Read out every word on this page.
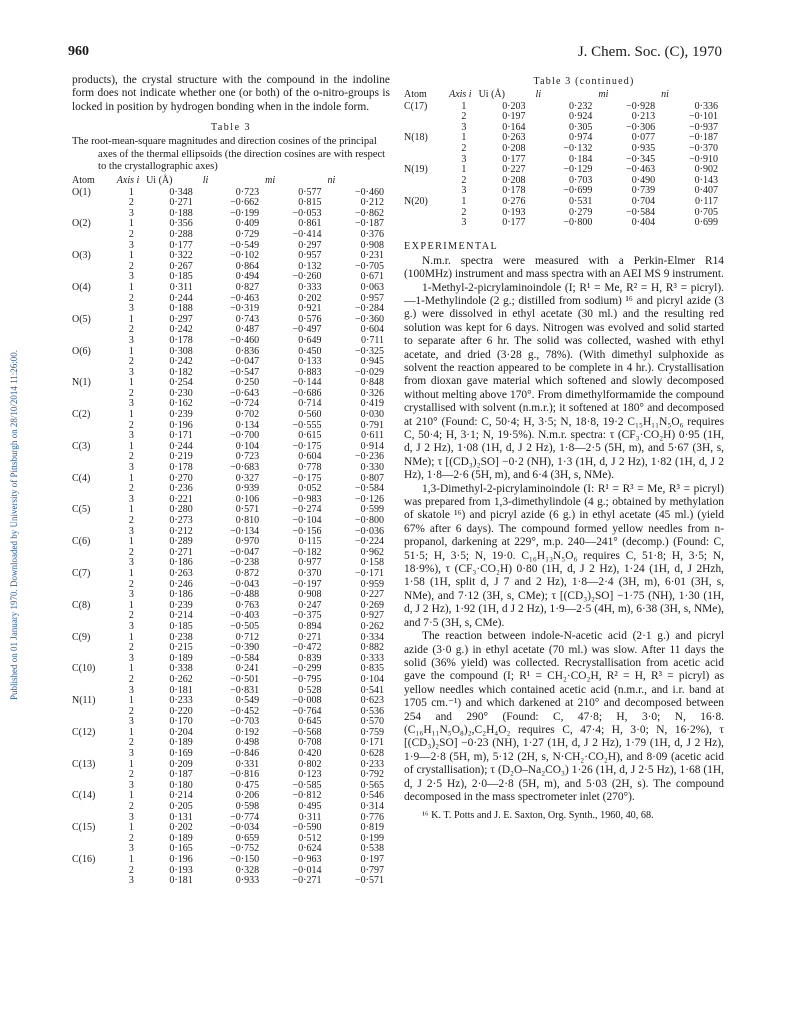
Published on 01 January 1970. Downloaded by University of Pittsburgh on 28/10/2014 11:26:00.
960	J. Chem. Soc. (C), 1970

products), the crystal structure with the compound in the indoline form does not indicate whether one (or both) of the o-nitro-groups is locked in position by hydrogen bonding when in the indole form.

Table 3
The root-mean-square magnitudes and direction cosines of the principal axes of the thermal ellipsoids (the direction cosines are with respect to the crystallographic axes)
Atom	Axis i	Ui (Å)	li	mi	ni
O(1)	1	0·348	0·723	0·577	−0·460
	2	0·271	−0·662	0·815	0·212
	3	0·188	−0·199	−0·053	−0·862
O(2)	1	0·356	0·409	0·861	−0·187
	2	0·288	0·729	−0·414	0·376
	3	0·177	−0·549	0·297	0·908
O(3)	1	0·322	−0·102	0·957	0·231
	2	0·267	0·864	0·132	−0·705
	3	0·185	0·494	−0·260	0·671
O(4)	1	0·311	0·827	0·333	0·063
	2	0·244	−0·463	0·202	0·957
	3	0·188	−0·319	0·921	−0·284
O(5)	1	0·297	0·743	0·576	−0·360
	2	0·242	0·487	−0·497	0·604
	3	0·178	−0·460	0·649	0·711
O(6)	1	0·308	0·836	0·450	−0·325
	2	0·242	−0·047	0·133	0·945
	3	0·182	−0·547	0·883	−0·029
N(1)	1	0·254	0·250	−0·144	0·848
	2	0·230	−0·643	−0·686	0·326
	3	0·162	−0·724	0·714	0·419
C(2)	1	0·239	0·702	0·560	0·030
	2	0·196	0·134	−0·555	0·791
	3	0·171	−0·700	0·615	0·611
C(3)	1	0·244	0·104	−0·175	0·914
	2	0·219	0·723	0·604	−0·236
	3	0·178	−0·683	0·778	0·330
C(4)	1	0·270	0·327	−0·175	0·807
	2	0·236	0·939	0·052	−0·584
	3	0·221	0·106	−0·983	−0·126
C(5)	1	0·280	0·571	−0·274	0·599
	2	0·273	0·810	−0·104	−0·800
	3	0·212	−0·134	−0·156	−0·036
C(6)	1	0·289	0·970	0·115	−0·224
	2	0·271	−0·047	−0·182	0·962
	3	0·186	−0·238	0·977	0·158
C(7)	1	0·263	0·872	0·370	−0·171
	2	0·246	−0·043	−0·197	0·959
	3	0·186	−0·488	0·908	0·227
C(8)	1	0·239	0·763	0·247	0·269
	2	0·214	−0·403	−0·375	0·927
	3	0·185	−0·505	0·894	0·262
C(9)	1	0·238	0·712	0·271	0·334
	2	0·215	−0·390	−0·472	0·882
	3	0·189	−0·584	0·839	0·333
C(10)	1	0·338	0·241	−0·299	0·835
	2	0·262	−0·501	−0·795	0·104
	3	0·181	−0·831	0·528	0·541
N(11)	1	0·233	0·549	−0·008	0·623
	2	0·220	−0·452	−0·764	0·536
	3	0·170	−0·703	0·645	0·570
C(12)	1	0·204	0·192	−0·568	0·759
	2	0·189	0·498	0·708	0·171
	3	0·169	−0·846	0·420	0·628
C(13)	1	0·209	0·331	0·802	0·233
	2	0·187	−0·816	0·123	0·792
	3	0·180	0·475	−0·585	0·565
C(14)	1	0·214	0·206	−0·812	0·546
	2	0·205	0·598	0·495	0·314
	3	0·131	−0·774	0·311	0·776
C(15)	1	0·202	−0·034	−0·590	0·819
	2	0·189	0·659	0·512	0·199
	3	0·165	−0·752	0·624	0·538
C(16)	1	0·196	−0·150	−0·963	0·197
	2	0·193	0·328	−0·014	0·797
	3	0·181	0·933	−0·271	−0·571
Table 3 (continued)
Atom	Axis i	Ui (Å)	li	mi	ni
C(17)	1	0·203	0·232	−0·928	0·336
	2	0·197	0·924	0·213	−0·101
	3	0·164	0·305	−0·306	−0·937
N(18)	1	0·263	0·974	0·077	−0·187
	2	0·208	−0·132	0·935	−0·370
	3	0·177	0·184	−0·345	−0·910
N(19)	1	0·227	−0·129	−0·463	0·902
	2	0·208	0·703	0·490	0·143
	3	0·178	−0·699	0·739	0·407
N(20)	1	0·276	0·531	0·704	0·117
	2	0·193	0·279	−0·584	0·705
	3	0·177	−0·800	0·404	0·699
EXPERIMENTAL

N.m.r. spectra were measured with a Perkin-Elmer R14 (100MHz) instrument and mass spectra with an AEI MS 9 instrument.

1-Methyl-2-picrylaminoindole (I; R¹ = Me, R² = H, R³ = picryl).—1-Methylindole (2 g.; distilled from sodium) ¹⁶ and picryl azide (3 g.) were dissolved in ethyl acetate (30 ml.) and the resulting red solution was kept for 6 days. Nitrogen was evolved and solid started to separate after 6 hr. The solid was collected, washed with ethyl acetate, and dried (3·28 g., 78%). (With dimethyl sulphoxide as solvent the reaction appeared to be complete in 4 hr.). Crystallisation from dioxan gave material which softened and slowly decomposed without melting above 170°. From dimethylformamide the compound crystallised with solvent (n.m.r.); it softened at 180° and decomposed at 210° (Found: C, 50·4; H, 3·5; N, 18·8, 19·2 C₁₅H₁₁N₅O₆ requires C, 50·4; H, 3·1; N, 19·5%). N.m.r. spectra: τ (CF₃·CO₂H) 0·95 (1H, d, J 2 Hz), 1·08 (1H, d, J 2 Hz), 1·8—2·5 (5H, m), and 5·67 (3H, s, NMe); τ [(CD₃)₂SO] −0·2 (NH), 1·3 (1H, d, J 2 Hz), 1·82 (1H, d, J 2 Hz), 1·8—2·6 (5H, m), and 6·4 (3H, s, NMe).

1,3-Dimethyl-2-picrylaminoindole (I: R¹ = R³ = Me, R³ = picryl) was prepared from 1,3-dimethylindole (4 g.; obtained by methylation of skatole ¹⁶) and picryl azide (6 g.) in ethyl acetate (45 ml.) (yield 67% after 6 days). The compound formed yellow needles from n-propanol, darkening at 229°, m.p. 240—241° (decomp.) (Found: C, 51·5; H, 3·5; N, 19·0. C₁₆H₁₃N₅O₆ requires C, 51·8; H, 3·5; N, 18·9%), τ (CF₃·CO₂H) 0·80 (1H, d, J 2 Hz), 1·24 (1H, d, J 2Hzh, 1·58 (1H, split d, J 7 and 2 Hz), 1·8—2·4 (3H, m), 6·01 (3H, s, NMe), and 7·12 (3H, s, CMe); τ [(CD₃)₂SO] −1·75 (NH), 1·30 (1H, d, J 2 Hz), 1·92 (1H, d J 2 Hz), 1·9—2·5 (4H, m), 6·38 (3H, s, NMe), and 7·5 (3H, s, CMe).

The reaction between indole-N-acetic acid (2·1 g.) and picryl azide (3·0 g.) in ethyl acetate (70 ml.) was slow. After 11 days the solid (36% yield) was collected. Recrystallisation from acetic acid gave the compound (I; R¹ = CH₂·CO₂H, R² = H, R³ = picryl) as yellow needles which contained acetic acid (n.m.r., and i.r. band at 1705 cm.⁻¹) and which darkened at 210° and decomposed between 254 and 290° (Found: C, 47·8; H, 3·0; N, 16·8. (C₁₆H₁₁N₅O₈)₂,C₂H₄O₂ requires C, 47·4; H, 3·0; N, 16·2%), τ [(CD₃)₂SO] −0·23 (NH), 1·27 (1H, d, J 2 Hz), 1·79 (1H, d, J 2 Hz), 1·9—2·8 (5H, m), 5·12 (2H, s, N·CH₂·CO₂H), and 8·09 (acetic acid of crystallisation); τ (D₂O–Na₂CO₃) 1·26 (1H, d, J 2·5 Hz), 1·68 (1H, d, J 2·5 Hz), 2·0—2·8 (5H, m), and 5·03 (2H, s). The compound decomposed in the mass spectrometer inlet (270°).

¹⁶ K. T. Potts and J. E. Saxton, Org. Synth., 1960, 40, 68.
